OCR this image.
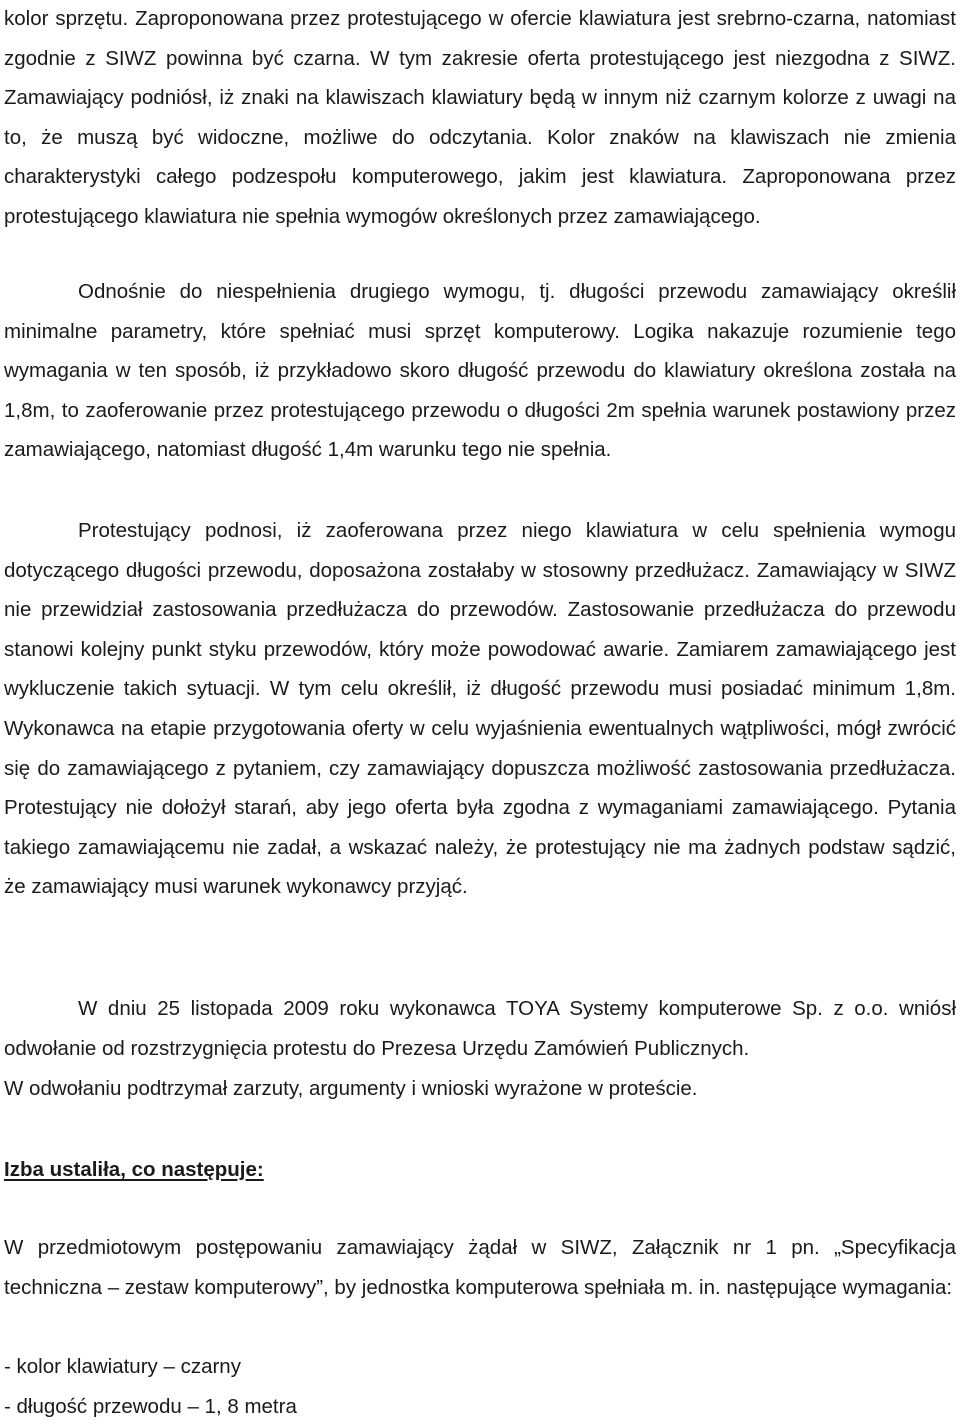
kolor sprzętu. Zaproponowana przez protestującego w ofercie klawiatura jest srebrno-czarna, natomiast zgodnie z SIWZ powinna być czarna. W tym zakresie oferta protestującego jest niezgodna z SIWZ. Zamawiający podniósł, iż znaki na klawiszach klawiatury będą w innym niż czarnym kolorze z uwagi na to, że muszą być widoczne, możliwe do odczytania. Kolor znaków na klawiszach nie zmienia charakterystyki całego podzespołu komputerowego, jakim jest klawiatura. Zaproponowana przez protestującego klawiatura nie spełnia wymogów określonych przez zamawiającego.

Odnośnie do niespełnienia drugiego wymogu, tj. długości przewodu zamawiający określił minimalne parametry, które spełniać musi sprzęt komputerowy. Logika nakazuje rozumienie tego wymagania w ten sposób, iż przykładowo skoro długość przewodu do klawiatury określona została na 1,8m, to zaoferowanie przez protestującego przewodu o długości 2m spełnia warunek postawiony przez zamawiającego, natomiast długość 1,4m warunku tego nie spełnia.

Protestujący podnosi, iż zaoferowana przez niego klawiatura w celu spełnienia wymogu dotyczącego długości przewodu, doposażona zostałaby w stosowny przedłużacz. Zamawiający w SIWZ nie przewidział zastosowania przedłużacza do przewodów. Zastosowanie przedłużacza do przewodu stanowi kolejny punkt styku przewodów, który może powodować awarie. Zamiarem zamawiającego jest wykluczenie takich sytuacji. W tym celu określił, iż długość przewodu musi posiadać minimum 1,8m. Wykonawca na etapie przygotowania oferty w celu wyjaśnienia ewentualnych wątpliwości, mógł zwrócić się do zamawiającego z pytaniem, czy zamawiający dopuszcza możliwość zastosowania przedłużacza. Protestujący nie dołożył starań, aby jego oferta była zgodna z wymaganiami zamawiającego. Pytania takiego zamawiającemu nie zadał, a wskazać należy, że protestujący nie ma żadnych podstaw sądzić, że zamawiający musi warunek wykonawcy przyjąć.

W dniu 25 listopada 2009 roku wykonawca TOYA Systemy komputerowe Sp. z o.o. wniósł odwołanie od rozstrzygnięcia protestu do Prezesa Urzędu Zamówień Publicznych.

W odwołaniu podtrzymał zarzuty, argumenty i wnioski wyrażone w proteście.

Izba ustaliła, co następuje:

W przedmiotowym postępowaniu zamawiający żądał w SIWZ, Załącznik nr 1 pn. „Specyfikacja techniczna – zestaw komputerowy”, by jednostka komputerowa spełniała m. in. następujące wymagania:

- kolor klawiatury – czarny
- długość przewodu – 1, 8 metra
